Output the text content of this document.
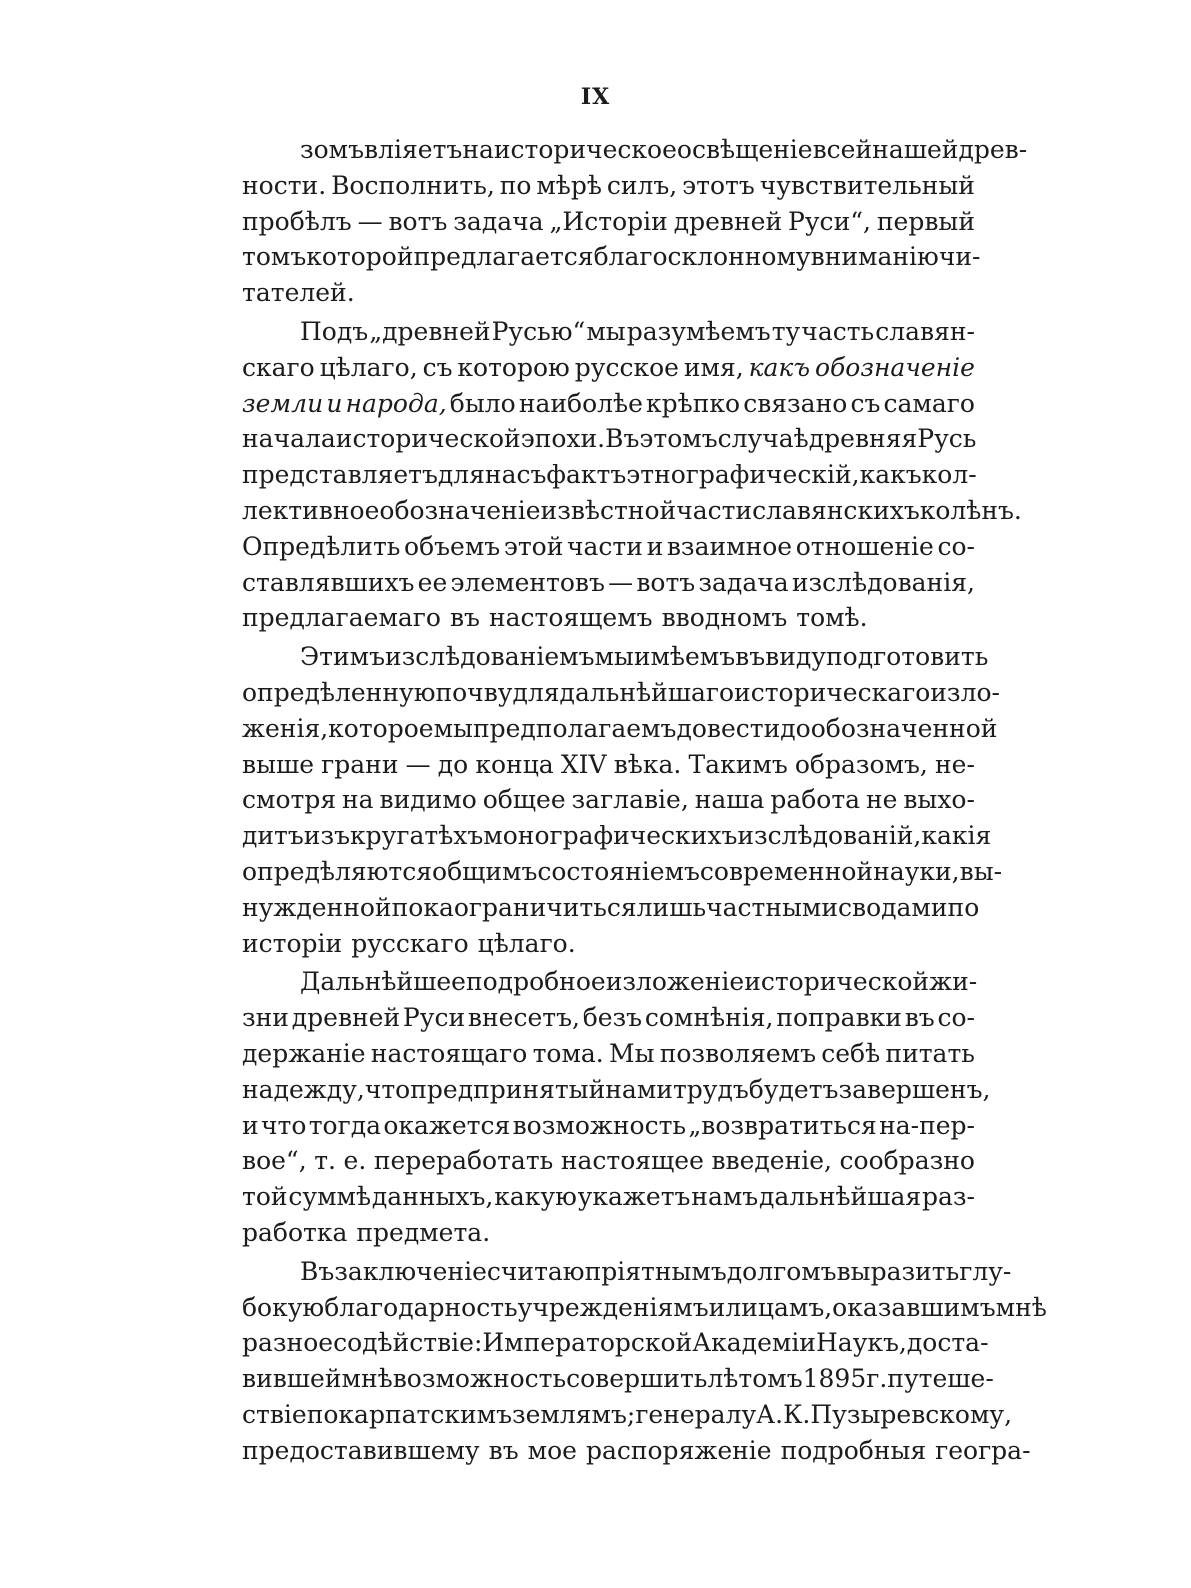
IX
зомъ вліяетъ на историческое освѣщеніе всей нашей древ-
ности. Восполнить, по мѣрѣ силъ, этотъ чувствительный
пробѣлъ — вотъ задача „Исторіи древней Руси“, первый
томъ которой предлагается благосклонному вниманію чи-
тателей.
Подъ „древней Русью“ мы разумѣемъ ту часть славян-
скаго цѣлаго, съ которою русское имя, какъ обозначеніе
земли и народа, было наиболѣе крѣпко связано съ самаго
начала исторической эпохи. Въ этомъ случаѣ древняя Русь
представляетъ для насъ фактъ этнографическій, какъ кол-
лективное обозначеніе извѣстной части славянскихъ колѣнъ.
Опредѣлить объемъ этой части и взаимное отношеніе со-
ставлявшихъ ее элементовъ — вотъ задача изслѣдованія,
предлагаемаго въ настоящемъ вводномъ томѣ.
Этимъ изслѣдованіемъ мы имѣемъ въ виду подготовить
опредѣленную почву для дальнѣйшаго историческаго изло-
женія, которое мы предполагаемъ довести до обозначенной
выше грани — до конца XIV вѣка. Такимъ образомъ, не-
смотря на видимо общее заглавіе, наша работа не выхо-
дитъ изъ круга тѣхъ монографическихъ изслѣдованій, какія
опредѣляются общимъ состояніемъ современной науки, вы-
нужденной пока ограничиться лишь частными сводами по
исторіи русскаго цѣлаго.
Дальнѣйшее подробное изложеніе исторической жи-
зни древней Руси внесетъ, безъ сомнѣнія, поправки въ со-
держаніе настоящаго тома. Мы позволяемъ себѣ питать
надежду, что предпринятый нами трудъ будетъ завершенъ,
и что тогда окажется возможность „возвратиться на-пер-
вое“, т. е. переработать настоящее введеніе, сообразно
той суммѣ данныхъ, какую укажетъ намъ дальнѣйшая раз-
работка предмета.
Въ заключеніе считаю пріятнымъ долгомъ выразить глу-
бокую благодарность учрежденіямъ и лицамъ, оказавшимъ мнѣ
разное содѣйствіе: Императорской Академіи Наукъ, доста-
вившей мнѣ возможность совершить лѣтомъ 1895 г. путеше-
ствіе по карпатскимъ землямъ; генералу А. К. Пузыревскому,
предоставившему въ мое распоряженіе подробныя геогра-
